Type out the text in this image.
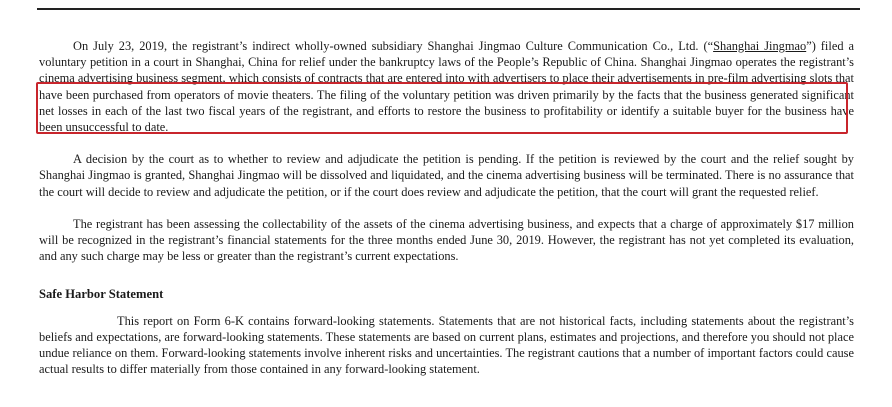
On July 23, 2019, the registrant’s indirect wholly-owned subsidiary Shanghai Jingmao Culture Communication Co., Ltd. (“Shanghai Jingmao”) filed a voluntary petition in a court in Shanghai, China for relief under the bankruptcy laws of the People’s Republic of China. Shanghai Jingmao operates the registrant’s cinema advertising business segment, which consists of contracts that are entered into with advertisers to place their advertisements in pre-film advertising slots that have been purchased from operators of movie theaters. The filing of the voluntary petition was driven primarily by the facts that the business generated significant net losses in each of the last two fiscal years of the registrant, and efforts to restore the business to profitability or identify a suitable buyer for the business have been unsuccessful to date.

A decision by the court as to whether to review and adjudicate the petition is pending. If the petition is reviewed by the court and the relief sought by Shanghai Jingmao is granted, Shanghai Jingmao will be dissolved and liquidated, and the cinema advertising business will be terminated. There is no assurance that the court will decide to review and adjudicate the petition, or if the court does review and adjudicate the petition, that the court will grant the requested relief.

The registrant has been assessing the collectability of the assets of the cinema advertising business, and expects that a charge of approximately $17 million will be recognized in the registrant’s financial statements for the three months ended June 30, 2019. However, the registrant has not yet completed its evaluation, and any such charge may be less or greater than the registrant’s current expectations.

Safe Harbor Statement

This report on Form 6-K contains forward-looking statements. Statements that are not historical facts, including statements about the registrant’s beliefs and expectations, are forward-looking statements. These statements are based on current plans, estimates and projections, and therefore you should not place undue reliance on them. Forward-looking statements involve inherent risks and uncertainties. The registrant cautions that a number of important factors could cause actual results to differ materially from those contained in any forward-looking statement.
